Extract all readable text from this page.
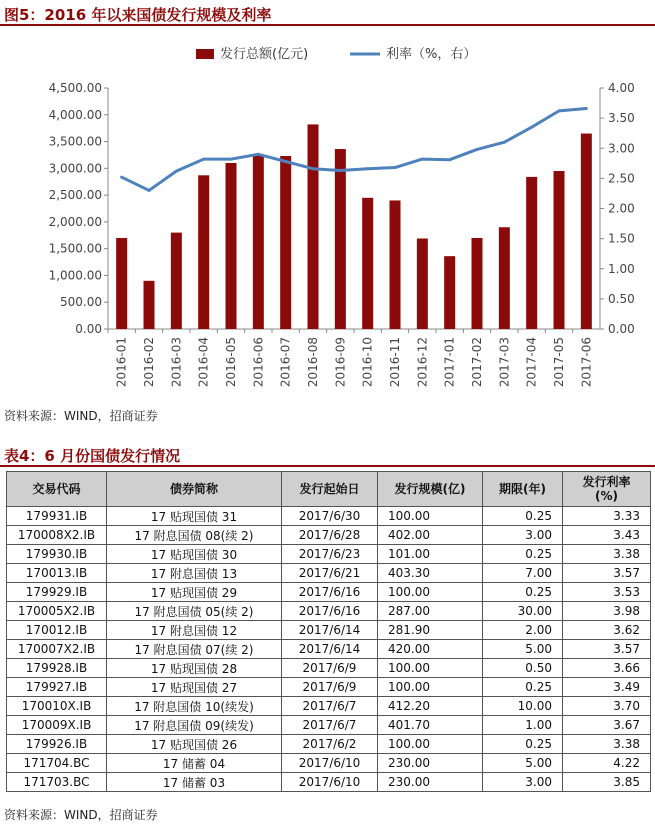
图5：2016 年以来国债发行规模及利率
0.00
500.00
1,000.00
1,500.00
2,000.00
2,500.00
3,000.00
3,500.00
4,000.00
4,500.00
0.00
0.50
1.00
1.50
2.00
2.50
3.00
3.50
4.00
2016-01 2016-02 2016-03 2016-04 2016-05 2016-06 2016-07 2016-08 2016-09 2016-10 2016-11 2016-12 2017-01 2017-02 2017-03 2017-04 2017-05 2017-06
发行总额(亿元)	利率（%，右）
资料来源：WIND，招商证券
表4：6 月份国债发行情况
交易代码	债券简称	发行起始日	发行规模(亿)	期限(年)	发行利率
(%)
179931.IB	17 贴现国债 31	2017/6/30	100.00	0.25	3.33
170008X2.IB	17 附息国债 08(续 2)	2017/6/28	402.00	3.00	3.43
179930.IB	17 贴现国债 30	2017/6/23	101.00	0.25	3.38
170013.IB	17 附息国债 13	2017/6/21	403.30	7.00	3.57
179929.IB	17 贴现国债 29	2017/6/16	100.00	0.25	3.53
170005X2.IB	17 附息国债 05(续 2)	2017/6/16	287.00	30.00	3.98
170012.IB	17 附息国债 12	2017/6/14	281.90	2.00	3.62
170007X2.IB	17 附息国债 07(续 2)	2017/6/14	420.00	5.00	3.57
179928.IB	17 贴现国债 28	2017/6/9	100.00	0.50	3.66
179927.IB	17 贴现国债 27	2017/6/9	100.00	0.25	3.49
170010X.IB	17 附息国债 10(续发)	2017/6/7	412.20	10.00	3.70
170009X.IB	17 附息国债 09(续发)	2017/6/7	401.70	1.00	3.67
179926.IB	17 贴现国债 26	2017/6/2	100.00	0.25	3.38
171704.BC	17 储蓄 04	2017/6/10	230.00	5.00	4.22
171703.BC	17 储蓄 03	2017/6/10	230.00	3.00	3.85
资料来源：WIND，招商证券
